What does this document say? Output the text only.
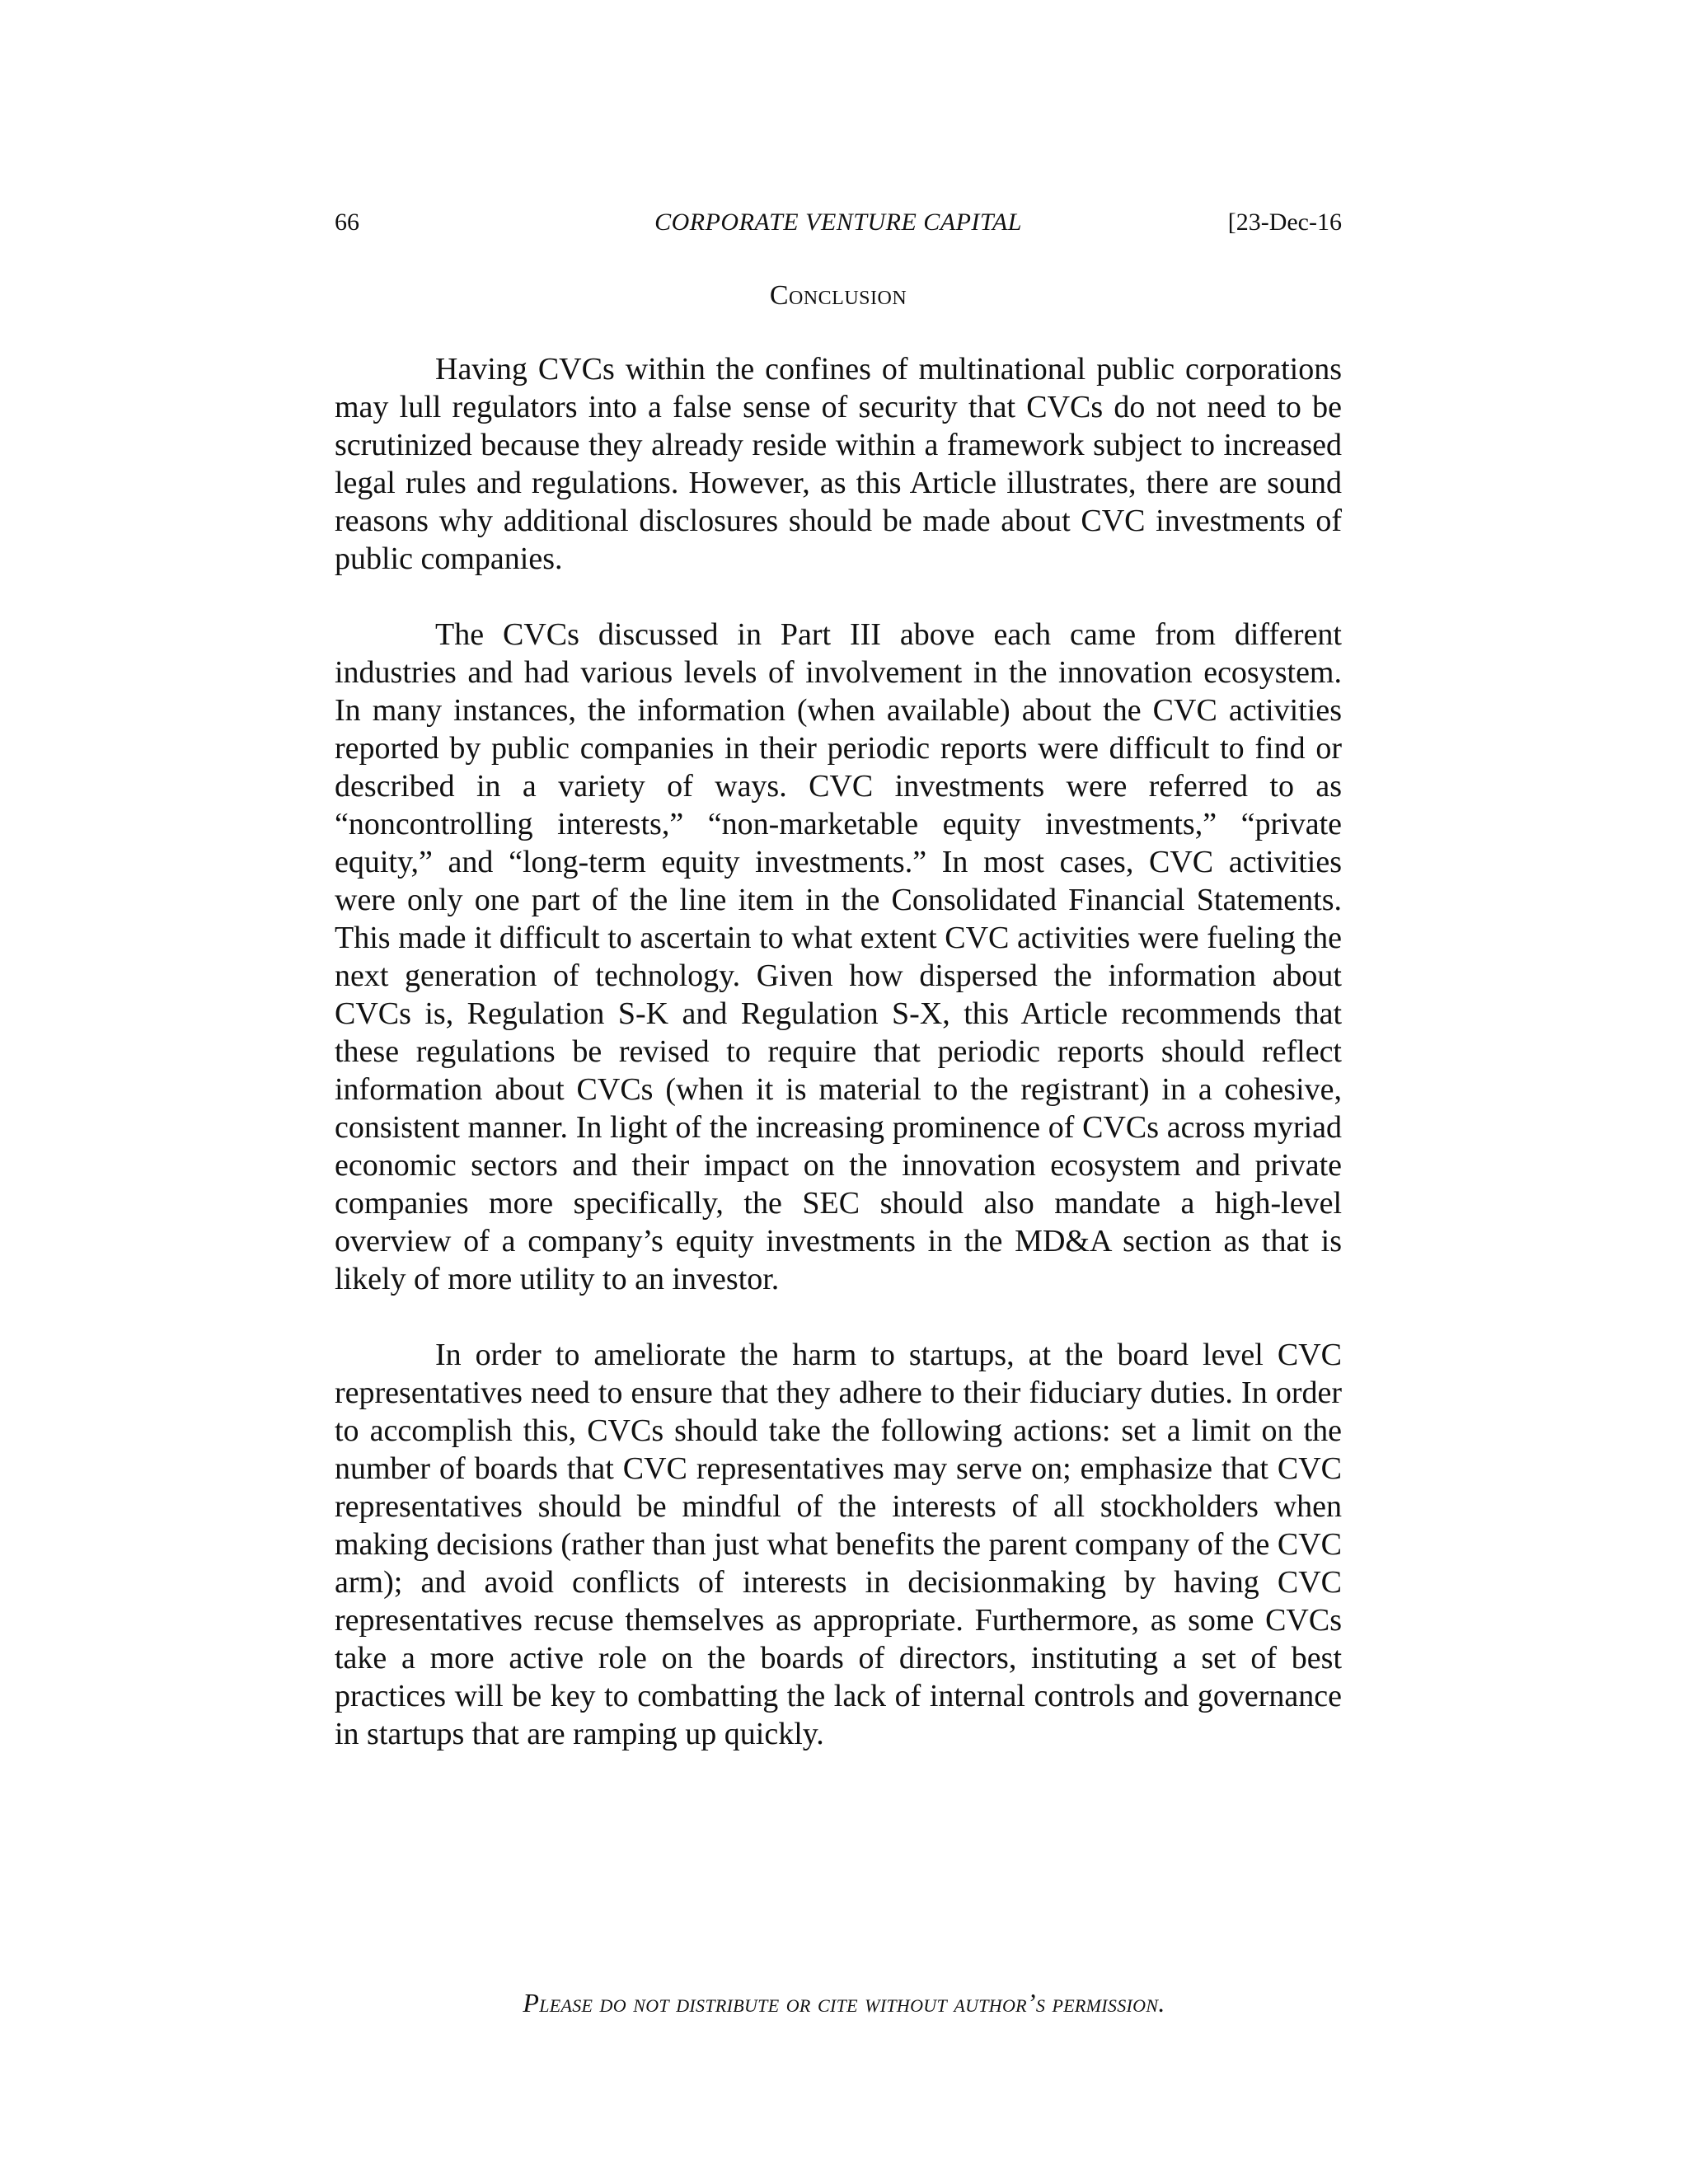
66	CORPORATE VENTURE CAPITAL	[23-Dec-16
Conclusion

Having CVCs within the confines of multinational public corporations may lull regulators into a false sense of security that CVCs do not need to be scrutinized because they already reside within a framework subject to increased legal rules and regulations. However, as this Article illustrates, there are sound reasons why additional disclosures should be made about CVC investments of public companies.

The CVCs discussed in Part III above each came from different industries and had various levels of involvement in the innovation ecosystem. In many instances, the information (when available) about the CVC activities reported by public companies in their periodic reports were difficult to find or described in a variety of ways. CVC investments were referred to as “noncontrolling interests,” “non-marketable equity investments,” “private equity,” and “long-term equity investments.” In most cases, CVC activities were only one part of the line item in the Consolidated Financial Statements. This made it difficult to ascertain to what extent CVC activities were fueling the next generation of technology. Given how dispersed the information about CVCs is, Regulation S-K and Regulation S-X, this Article recommends that these regulations be revised to require that periodic reports should reflect information about CVCs (when it is material to the registrant) in a cohesive, consistent manner. In light of the increasing prominence of CVCs across myriad economic sectors and their impact on the innovation ecosystem and private companies more specifically, the SEC should also mandate a high-level overview of a company’s equity investments in the MD&A section as that is likely of more utility to an investor.

In order to ameliorate the harm to startups, at the board level CVC representatives need to ensure that they adhere to their fiduciary duties. In order to accomplish this, CVCs should take the following actions: set a limit on the number of boards that CVC representatives may serve on; emphasize that CVC representatives should be mindful of the interests of all stockholders when making decisions (rather than just what benefits the parent company of the CVC arm); and avoid conflicts of interests in decisionmaking by having CVC representatives recuse themselves as appropriate. Furthermore, as some CVCs take a more active role on the boards of directors, instituting a set of best practices will be key to combatting the lack of internal controls and governance in startups that are ramping up quickly.

Please do not distribute or cite without author’s permission.
